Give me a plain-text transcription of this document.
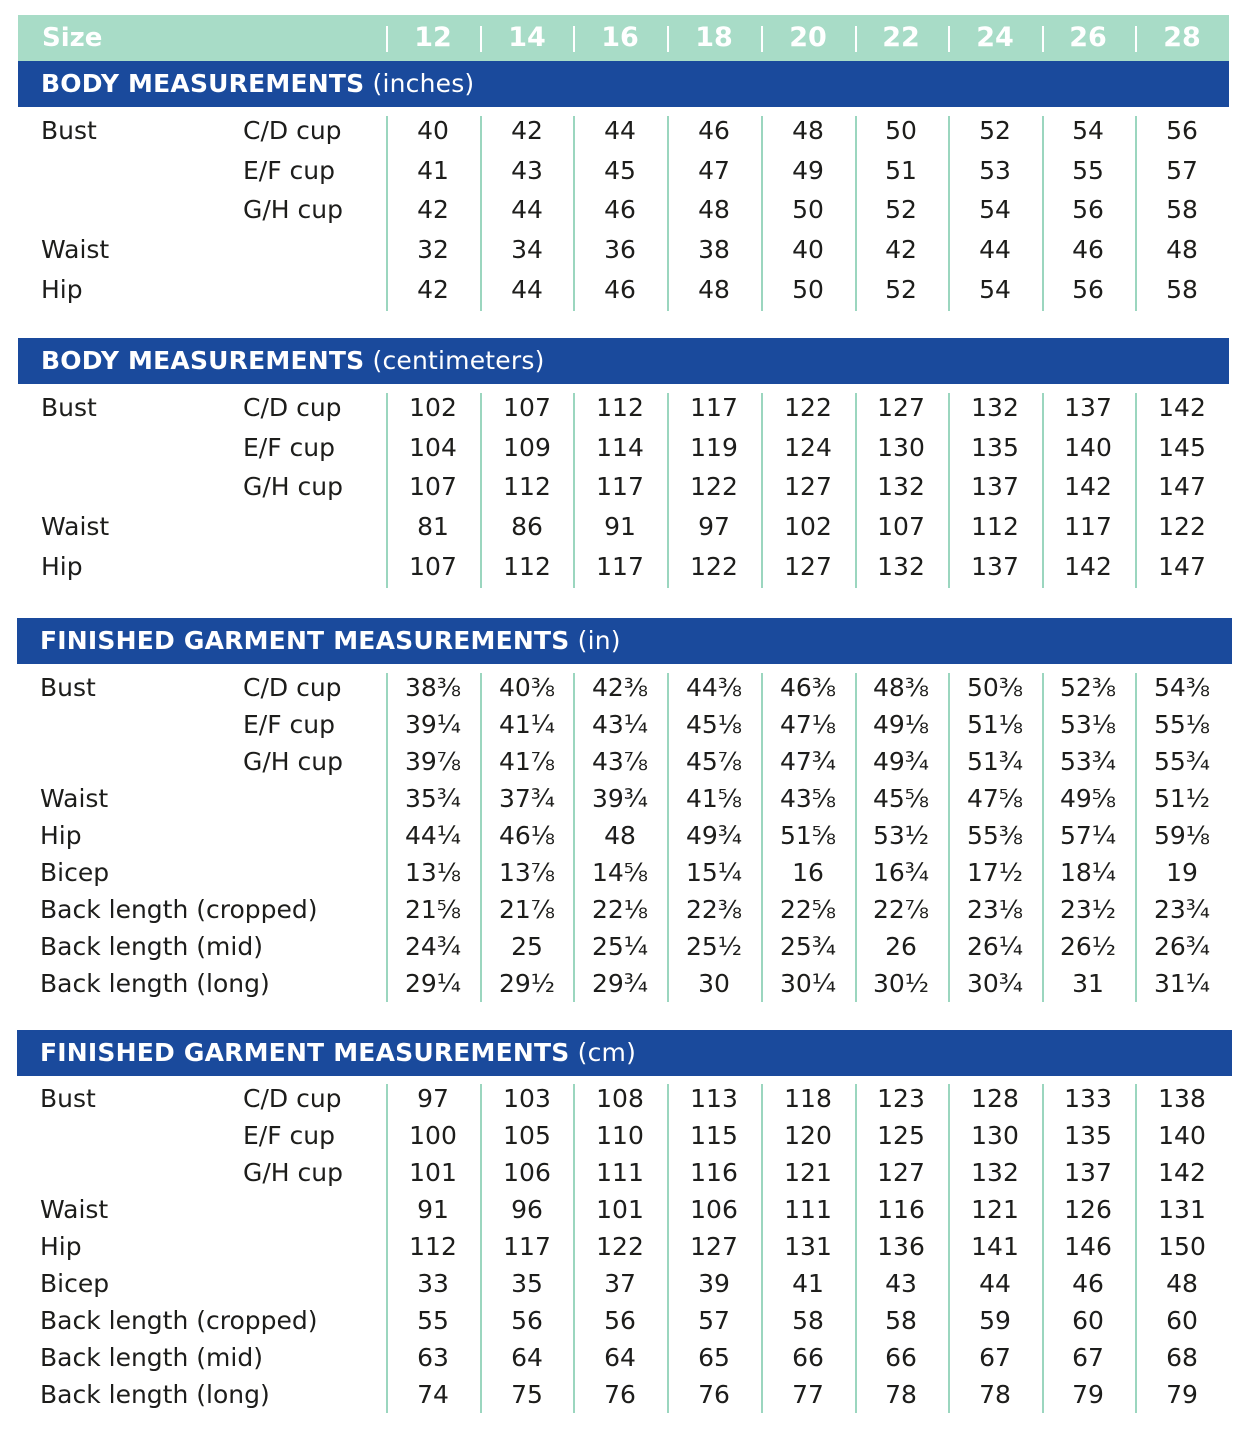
Size	12	14	16	18	20	22	24	26	28
BODY MEASUREMENTS (inches)
Bust	C/D cup	40	42	44	46	48	50	52	54	56
E/F cup	41	43	45	47	49	51	53	55	57
G/H cup	42	44	46	48	50	52	54	56	58
Waist	32	34	36	38	40	42	44	46	48
Hip	42	44	46	48	50	52	54	56	58
BODY MEASUREMENTS (centimeters)
Bust	C/D cup	102	107	112	117	122	127	132	137	142
E/F cup	104	109	114	119	124	130	135	140	145
G/H cup	107	112	117	122	127	132	137	142	147
Waist	81	86	91	97	102	107	112	117	122
Hip	107	112	117	122	127	132	137	142	147
FINISHED GARMENT MEASUREMENTS (in)
Bust	C/D cup	38⅜	40⅜	42⅜	44⅜	46⅜	48⅜	50⅜	52⅜	54⅜
E/F cup	39¼	41¼	43¼	45⅛	47⅛	49⅛	51⅛	53⅛	55⅛
G/H cup	39⅞	41⅞	43⅞	45⅞	47¾	49¾	51¾	53¾	55¾
Waist	35¾	37¾	39¾	41⅝	43⅝	45⅝	47⅝	49⅝	51½
Hip	44¼	46⅛	48	49¾	51⅝	53½	55⅜	57¼	59⅛
Bicep	13⅛	13⅞	14⅝	15¼	16	16¾	17½	18¼	19
Back length (cropped)	21⅝	21⅞	22⅛	22⅜	22⅝	22⅞	23⅛	23½	23¾
Back length (mid)	24¾	25	25¼	25½	25¾	26	26¼	26½	26¾
Back length (long)	29¼	29½	29¾	30	30¼	30½	30¾	31	31¼
FINISHED GARMENT MEASUREMENTS (cm)
Bust	C/D cup	97	103	108	113	118	123	128	133	138
E/F cup	100	105	110	115	120	125	130	135	140
G/H cup	101	106	111	116	121	127	132	137	142
Waist	91	96	101	106	111	116	121	126	131
Hip	112	117	122	127	131	136	141	146	150
Bicep	33	35	37	39	41	43	44	46	48
Back length (cropped)	55	56	56	57	58	58	59	60	60
Back length (mid)	63	64	64	65	66	66	67	67	68
Back length (long)	74	75	76	76	77	78	78	79	79
